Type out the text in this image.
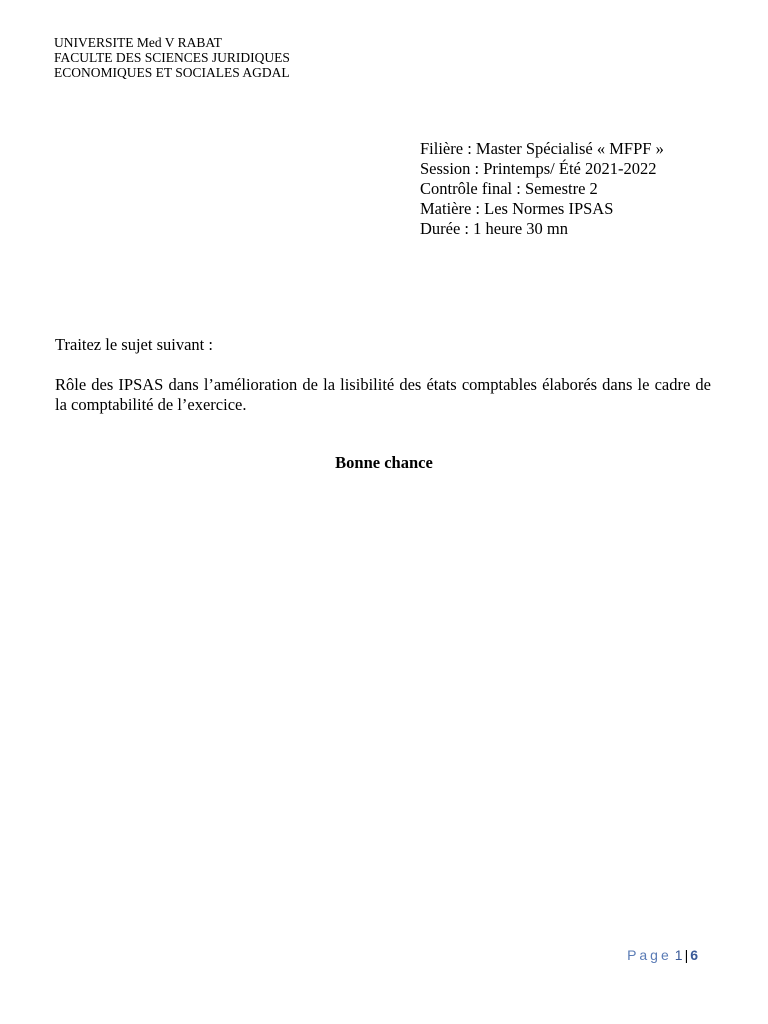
UNIVERSITE Med V RABAT
FACULTE DES SCIENCES JURIDIQUES
ECONOMIQUES ET SOCIALES AGDAL
Filière : Master Spécialisé « MFPF »
Session : Printemps/ Été 2021-2022
Contrôle final : Semestre 2
Matière : Les Normes IPSAS
Durée : 1 heure 30 mn
Traitez le sujet suivant :
Rôle des IPSAS dans l’amélioration de la lisibilité des états comptables élaborés dans le cadre de la comptabilité de l’exercice.
Bonne chance
Page 1 | 6
